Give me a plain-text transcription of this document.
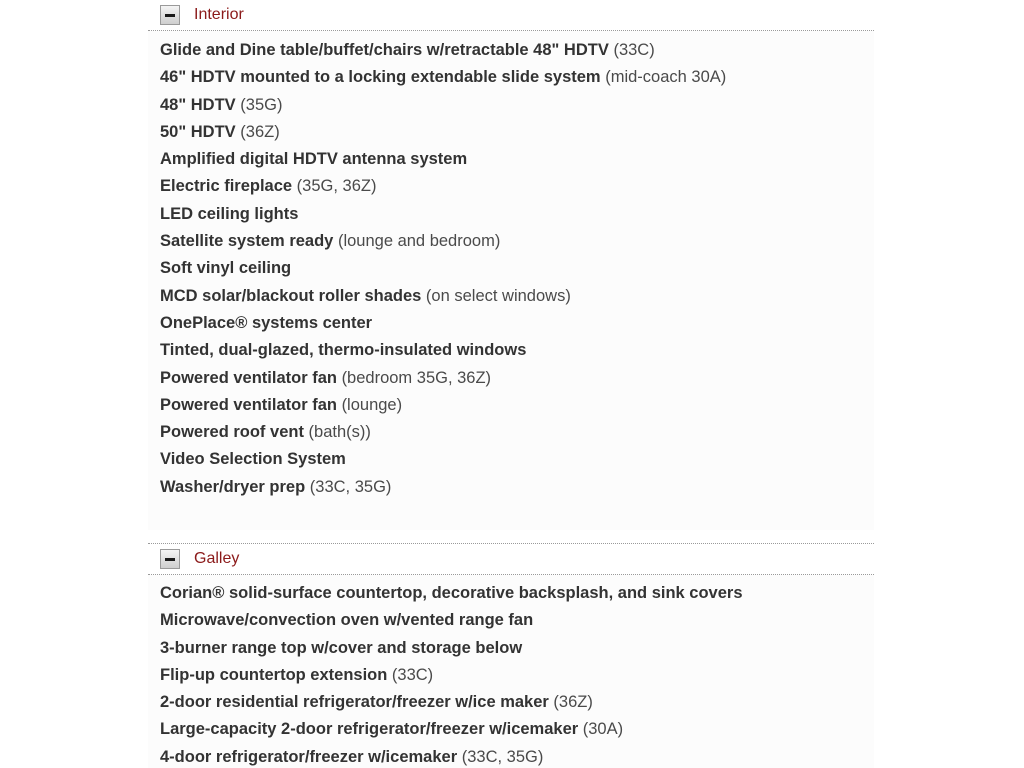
Interior
Glide and Dine table/buffet/chairs w/retractable 48" HDTV (33C)
46" HDTV mounted to a locking extendable slide system (mid-coach 30A)
48" HDTV (35G)
50" HDTV (36Z)
Amplified digital HDTV antenna system
Electric fireplace (35G, 36Z)
LED ceiling lights
Satellite system ready (lounge and bedroom)
Soft vinyl ceiling
MCD solar/blackout roller shades (on select windows)
OnePlace® systems center
Tinted, dual-glazed, thermo-insulated windows
Powered ventilator fan (bedroom 35G, 36Z)
Powered ventilator fan (lounge)
Powered roof vent (bath(s))
Video Selection System
Washer/dryer prep (33C, 35G)
Galley
Corian® solid-surface countertop, decorative backsplash, and sink covers
Microwave/convection oven w/vented range fan
3-burner range top w/cover and storage below
Flip-up countertop extension (33C)
2-door residential refrigerator/freezer w/ice maker (36Z)
Large-capacity 2-door refrigerator/freezer w/icemaker (30A)
4-door refrigerator/freezer w/icemaker (33C, 35G)
